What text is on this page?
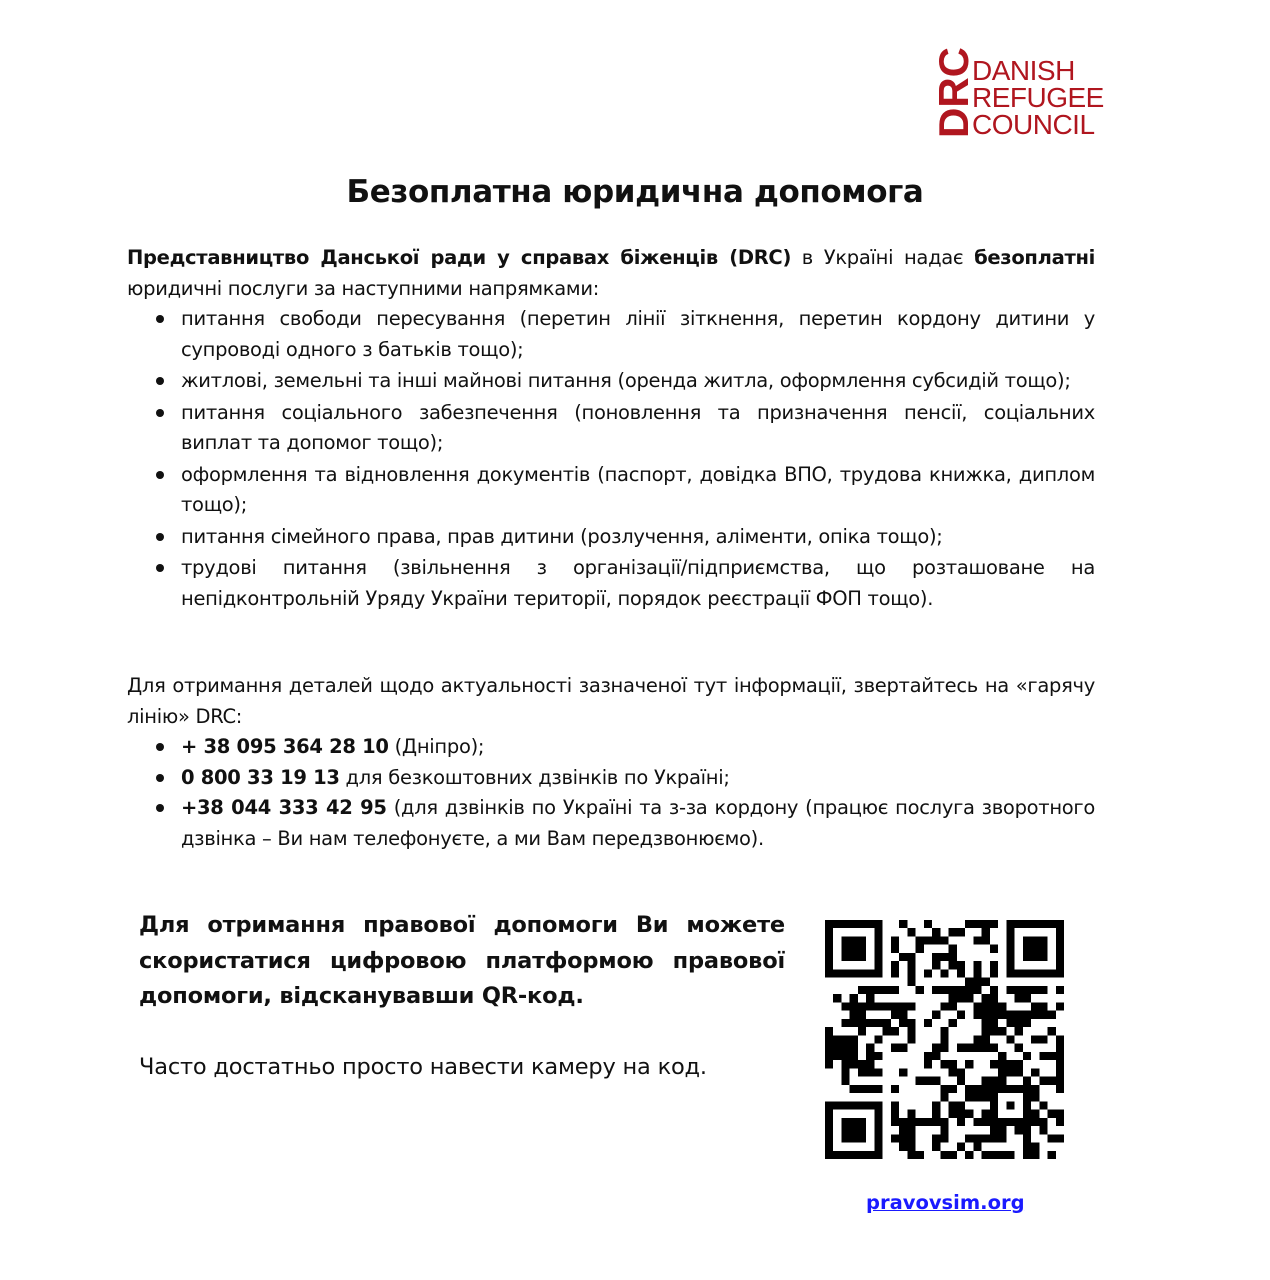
DRC
DANISH
REFUGEE
COUNCIL
Безоплатна юридична допомога
Представництво Данської ради у справах біженців (DRC) в Україні надає безоплатні юридичні послуги за наступними напрямками:
питання свободи пересування (перетин лінії зіткнення, перетин кордону дитини у супроводі одного з батьків тощо);
житлові, земельні та інші майнові питання (оренда житла, оформлення субсидій тощо);
питання соціального забезпечення (поновлення та призначення пенсії, соціальних виплат та допомог тощо);
оформлення та відновлення документів (паспорт, довідка ВПО, трудова книжка, диплом тощо);
питання сімейного права, прав дитини (розлучення, аліменти, опіка тощо);
трудові питання (звільнення з організації/підприємства, що розташоване на непідконтрольній Уряду України території, порядок реєстрації ФОП тощо).
Для отримання деталей щодо актуальності зазначеної тут інформації, звертайтесь на «гарячу лінію» DRC:
+ 38 095 364 28 10 (Дніпро);
0 800 33 19 13 для безкоштовних дзвінків по Україні;
+38 044 333 42 95 (для дзвінків по Україні та з-за кордону (працює послуга зворотного дзвінка – Ви нам телефонуєте, а ми Вам передзвонюємо).
Для отримання правової допомоги Ви можете скористатися цифровою платформою правової допомоги, відсканувавши QR-код.
Часто достатньо просто навести камеру на код.
pravovsim.org
